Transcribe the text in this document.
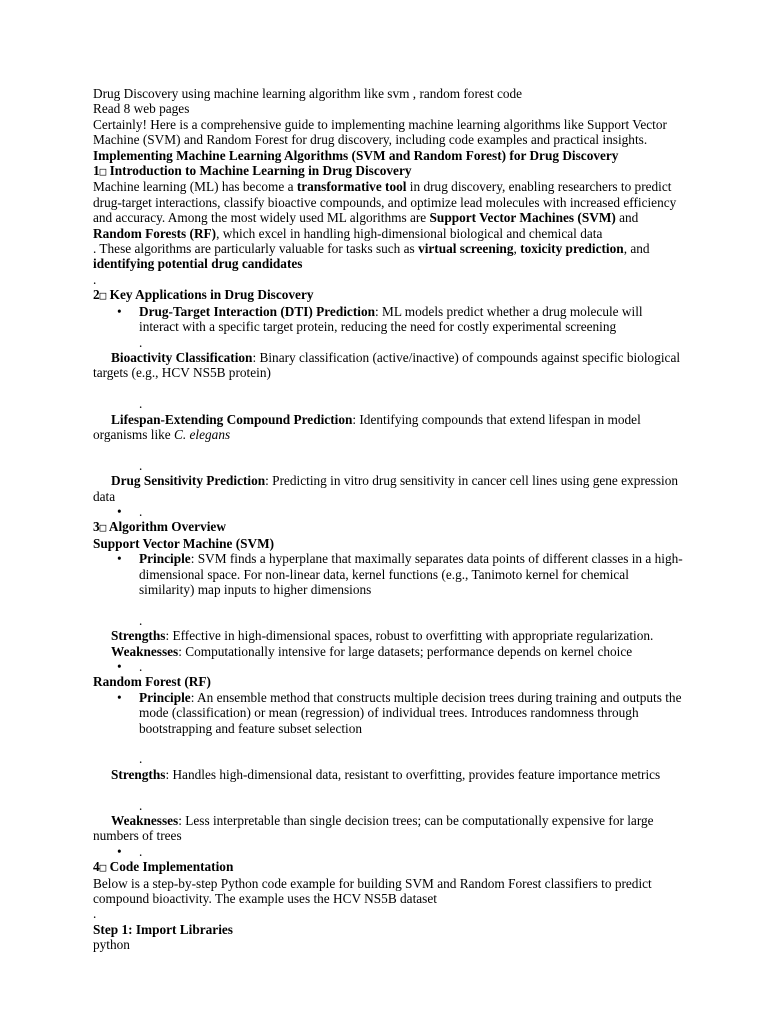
Drug Discovery using machine learning algorithm like svm , random forest code

Read 8 web pages

Certainly! Here is a comprehensive guide to implementing machine learning algorithms like Support Vector Machine (SVM) and Random Forest for drug discovery, including code examples and practical insights.

Implementing Machine Learning Algorithms (SVM and Random Forest) for Drug Discovery

1□ Introduction to Machine Learning in Drug Discovery

Machine learning (ML) has become a transformative tool in drug discovery, enabling researchers to predict drug-target interactions, classify bioactive compounds, and optimize lead molecules with increased efficiency and accuracy. Among the most widely used ML algorithms are Support Vector Machines (SVM) and Random Forests (RF), which excel in handling high-dimensional biological and chemical data

. These algorithms are particularly valuable for tasks such as virtual screening, toxicity prediction, and identifying potential drug candidates

.

2□ Key Applications in Drug Discovery

• Drug-Target Interaction (DTI) Prediction: ML models predict whether a drug molecule will interact with a specific target protein, reducing the need for costly experimental screening

.

Bioactivity Classification: Binary classification (active/inactive) of compounds against specific biological targets (e.g., HCV NS5B protein)

.

Lifespan-Extending Compound Prediction: Identifying compounds that extend lifespan in model organisms like C. elegans

.

Drug Sensitivity Prediction: Predicting in vitro drug sensitivity in cancer cell lines using gene expression data

• .

3□ Algorithm Overview

Support Vector Machine (SVM)

• Principle: SVM finds a hyperplane that maximally separates data points of different classes in a high-dimensional space. For non-linear data, kernel functions (e.g., Tanimoto kernel for chemical similarity) map inputs to higher dimensions

.

Strengths: Effective in high-dimensional spaces, robust to overfitting with appropriate regularization.

Weaknesses: Computationally intensive for large datasets; performance depends on kernel choice

• .

Random Forest (RF)

• Principle: An ensemble method that constructs multiple decision trees during training and outputs the mode (classification) or mean (regression) of individual trees. Introduces randomness through bootstrapping and feature subset selection

.

Strengths: Handles high-dimensional data, resistant to overfitting, provides feature importance metrics

.

Weaknesses: Less interpretable than single decision trees; can be computationally expensive for large numbers of trees

• .

4□ Code Implementation

Below is a step-by-step Python code example for building SVM and Random Forest classifiers to predict compound bioactivity. The example uses the HCV NS5B dataset

.

Step 1: Import Libraries

python
